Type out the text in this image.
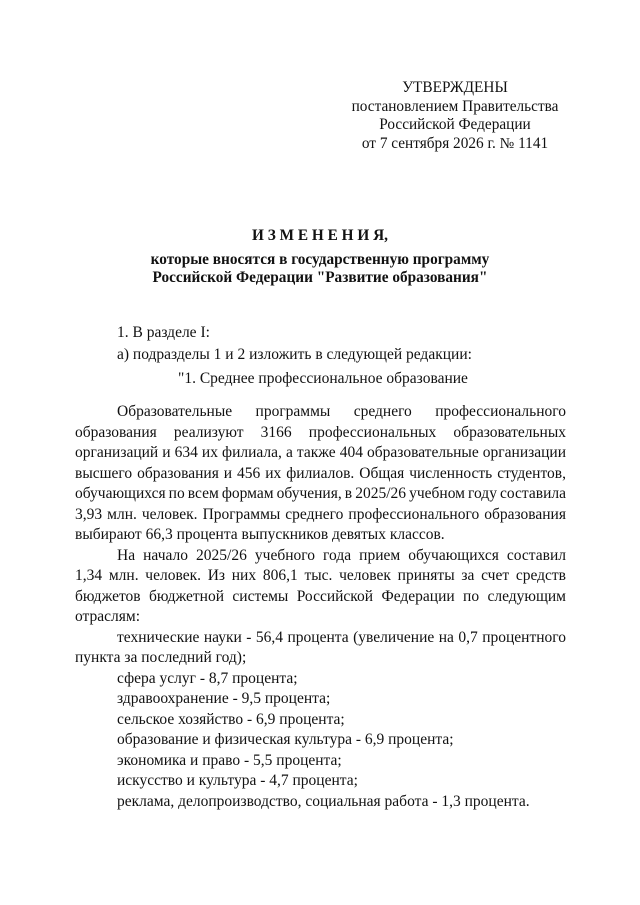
УТВЕРЖДЕНЫ
постановлением Правительства
Российской Федерации
от 7 сентября 2026 г. № 1141
И З М Е Н Е Н И Я,
которые вносятся в государственную программу
Российской Федерации "Развитие образования"
1. В разделе I:
а) подразделы 1 и 2 изложить в следующей редакции:
"1. Среднее профессиональное образование
Образовательные программы среднего профессионального
образования реализуют 3166 профессиональных образовательных
организаций и 634 их филиала, а также 404 образовательные организации
высшего образования и 456 их филиалов. Общая численность студентов,
обучающихся по всем формам обучения, в 2025/26 учебном году составила
3,93 млн. человек. Программы среднего профессионального образования
выбирают 66,3 процента выпускников девятых классов.
На начало 2025/26 учебного года прием обучающихся составил
1,34 млн. человек. Из них 806,1 тыс. человек приняты за счет средств
бюджетов бюджетной системы Российской Федерации по следующим
отраслям:
технические науки - 56,4 процента (увеличение на 0,7 процентного
пункта за последний год);
сфера услуг - 8,7 процента;
здравоохранение - 9,5 процента;
сельское хозяйство - 6,9 процента;
образование и физическая культура - 6,9 процента;
экономика и право - 5,5 процента;
искусство и культура - 4,7 процента;
реклама, делопроизводство, социальная работа - 1,3 процента.
